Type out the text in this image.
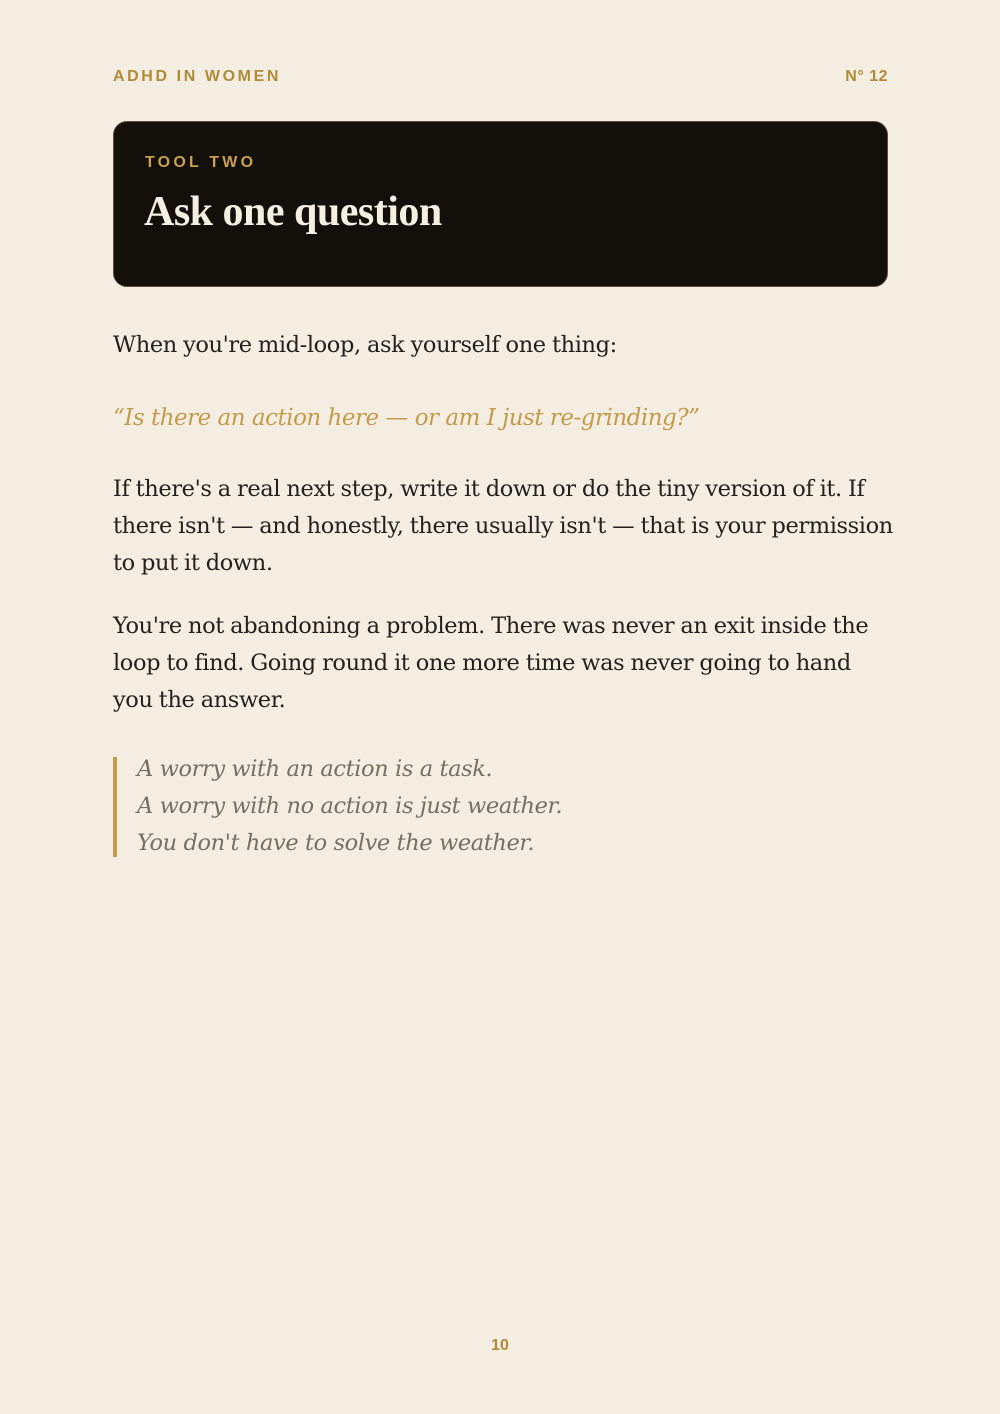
ADHD IN WOMEN	N° 12
TOOL TWO
Ask one question

When you're mid-loop, ask yourself one thing:

“Is there an action here — or am I just re-grinding?”

If there's a real next step, write it down or do the tiny version of it. If there isn't — and honestly, there usually isn't — that is your permission to put it down.

You're not abandoning a problem. There was never an exit inside the loop to find. Going round it one more time was never going to hand you the answer.

A worry with an action is a task.
A worry with no action is just weather.
You don't have to solve the weather.
10
